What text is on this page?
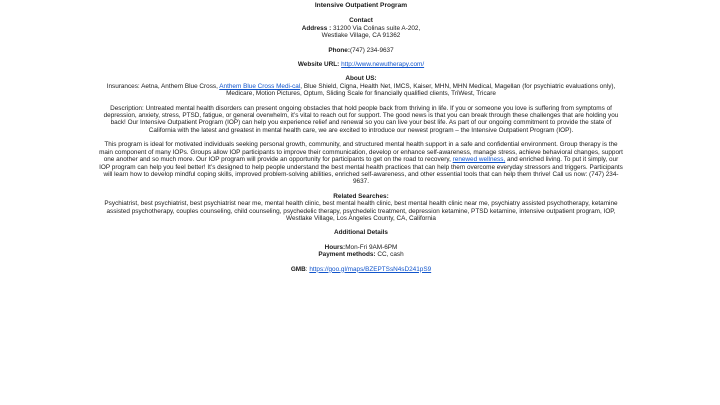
Intensive Outpatient Program

Contact

Address : 31200 Via Colinas suite A-202,

Westlake Village, CA 91362

Phone:(747) 234-9637

Website URL: http://www.newutherapy.com/

About US:

Insurances: Aetna, Anthem Blue Cross, Anthem Blue Cross Medi-cal, Blue Shield, Cigna, Health Net, IMCS, Kaiser, MHN, MHN Medical, Magellan (for psychiatric evaluations only), Medicare, Motion Pictures, Optum, Sliding Scale for financially qualified clients, TriWest, Tricare

Description: Untreated mental health disorders can present ongoing obstacles that hold people back from thriving in life. If you or someone you love is suffering from symptoms of depression, anxiety, stress, PTSD, fatigue, or general overwhelm, it’s vital to reach out for support. The good news is that you can break through these challenges that are holding you back! Our Intensive Outpatient Program (IOP) can help you experience relief and renewal so you can live your best life. As part of our ongoing commitment to provide the state of California with the latest and greatest in mental health care, we are excited to introduce our newest program – the Intensive Outpatient Program (IOP).

This program is ideal for motivated individuals seeking personal growth, community, and structured mental health support in a safe and confidential environment. Group therapy is the main component of many IOPs. Groups allow IOP participants to improve their communication, develop or enhance self-awareness, manage stress, achieve behavioral changes, support one another and so much more. Our IOP program will provide an opportunity for participants to get on the road to recovery, renewed wellness, and enriched living. To put it simply, our IOP program can help you feel better! It’s designed to help people understand the best mental health practices that can help them overcome everyday stressors and triggers. Participants will learn how to develop mindful coping skills, improved problem-solving abilities, enriched self-awareness, and other essential tools that can help them thrive! Call us now: (747) 234-9637.

Related Searches:

Psychiatrist, best psychiatrist, best psychiatrist near me, mental health clinic, best mental health clinic, best mental health clinic near me, psychiatry assisted psychotherapy, ketamine assisted psychotherapy, couples counseling, child counseling, psychedelic therapy, psychedelic treatment, depression ketamine, PTSD ketamine, intensive outpatient program, IOP, Westlake Village, Los Angeles County, CA, California

Additional Details

Hours:Mon-Fri 9AM-6PM

Payment methods: CC, cash

GMB: https://goo.gl/maps/BZEPTSsN4sD241pS9
